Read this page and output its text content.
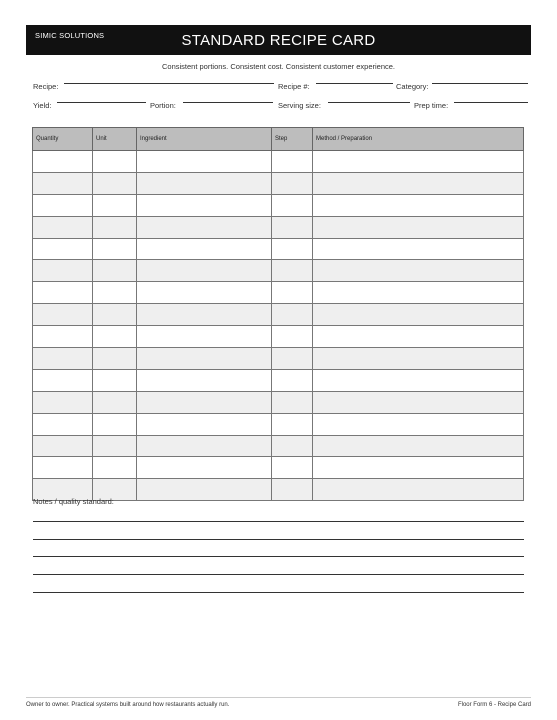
SIMIC SOLUTIONS	STANDARD RECIPE CARD
Consistent portions. Consistent cost. Consistent customer experience.
Recipe:	Recipe #:	Category:
Yield:	Portion:	Serving size:	Prep time:
Quantity	Unit	Ingredient	Step	Method / Preparation

Notes / quality standard:
Owner to owner. Practical systems built around how restaurants actually run.	Floor Form 6 - Recipe Card
